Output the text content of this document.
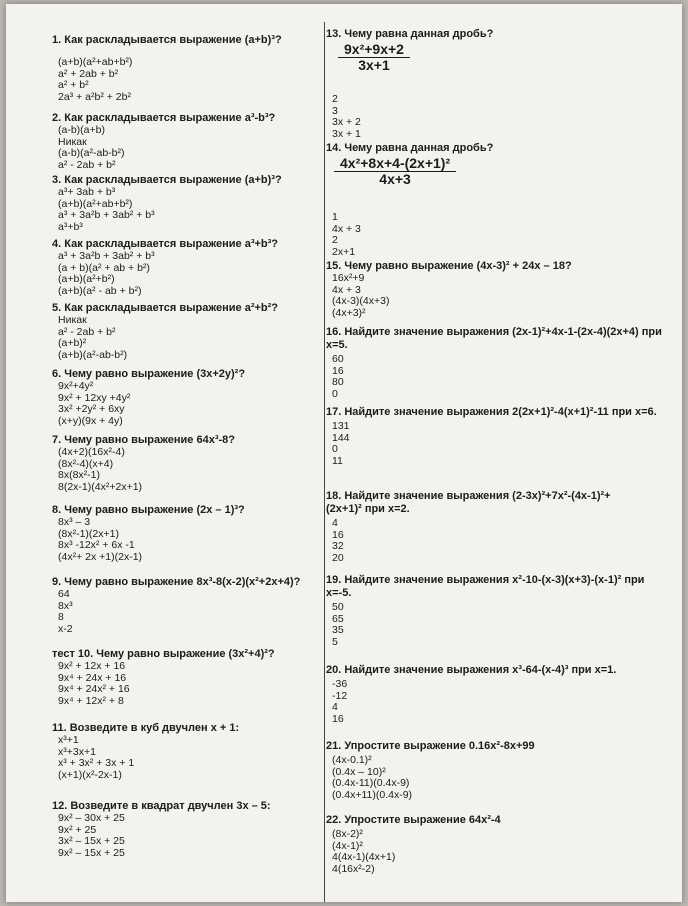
1. Как раскладывается выражение (a+b)³?

(a+b)(a²+ab+b²)
a² + 2ab + b²
a² + b²
2a³ + a²b² + 2b²

2. Как раскладывается выражение a³-b³?

(a-b)(a+b)
Никак
(a-b)(a²-ab-b²)
a² - 2ab + b²

3. Как раскладывается выражение (a+b)³?

a³+ 3ab + b³
(a+b)(a²+ab+b²)
a³ + 3a²b + 3ab² + b³
a³+b³

4. Как раскладывается выражение a³+b³?

a³ + 3a²b + 3ab² + b³
(a + b)(a² + ab + b²)
(a+b)(a²+b²)
(a+b)(a² - ab + b²)

5. Как раскладывается выражение a²+b²?

Никак
a² - 2ab + b²
(a+b)²
(a+b)(a²-ab-b²)

6. Чему равно выражение (3x+2y)²?

9x²+4y²
9x² + 12xy +4y²
3x² +2y² + 6xy
(x+y)(9x + 4y)

7. Чему равно выражение 64x³-8?

(4x+2)(16x²-4)
(8x²-4)(x+4)
8x(8x²-1)
8(2x-1)(4x²+2x+1)

8. Чему равно выражение (2x – 1)³?

8x³ – 3
(8x²-1)(2x+1)
8x³ -12x² + 6x -1
(4x²+ 2x +1)(2x-1)

9. Чему равно выражение 8x³-8(x-2)(x²+2x+4)?

64
8x³
8
x-2

тест 10. Чему равно выражение (3x²+4)²?

9x² + 12x + 16
9x⁴ + 24x + 16
9x⁴ + 24x² + 16
9x⁴ + 12x² + 8

11. Возведите в куб двучлен x + 1:

x³+1
x³+3x+1
x³ + 3x² + 3x + 1
(x+1)(x²-2x-1)

12. Возведите в квадрат двучлен 3x – 5:

9x² – 30x + 25
9x² + 25
3x² – 15x + 25
9x² – 15x + 25

13. Чему равна данная дробь?

$\frac{\text{9x²+9x+2}}{3x+1}$
2
3
3x + 2
3x + 1

14. Чему равна данная дробь?

$\frac{\text{4x²+8x+4-(2x+1)²}}{4x+3}$
1
4x + 3
2
2x+1

15. Чему равно выражение (4x-3)² + 24x – 18?

16x²+9
4x + 3
(4x-3)(4x+3)
(4x+3)²

16. Найдите значение выражения (2x-1)²+4x-1-(2x-4)(2x+4) при x=5.

60
16
80
0

17. Найдите значение выражения 2(2x+1)²-4(x+1)²-11 при x=6.

131
144
0
11

18. Найдите значение выражения (2-3x)²+7x²-(4x-1)²+(2x+1)² при x=2.

4
16
32
20

19. Найдите значение выражения x²-10-(x-3)(x+3)-(x-1)² при x=-5.

50
65
35
5

20. Найдите значение выражения x³-64-(x-4)³ при x=1.

-36
-12
4
16

21. Упростите выражение 0.16x²-8x+99

(4x-0.1)²
(0.4x – 10)²
(0.4x-11)(0.4x-9)
(0.4x+11)(0.4x-9)

22. Упростите выражение 64x²-4

(8x-2)²
(4x-1)²
4(4x-1)(4x+1)
4(16x²-2)
